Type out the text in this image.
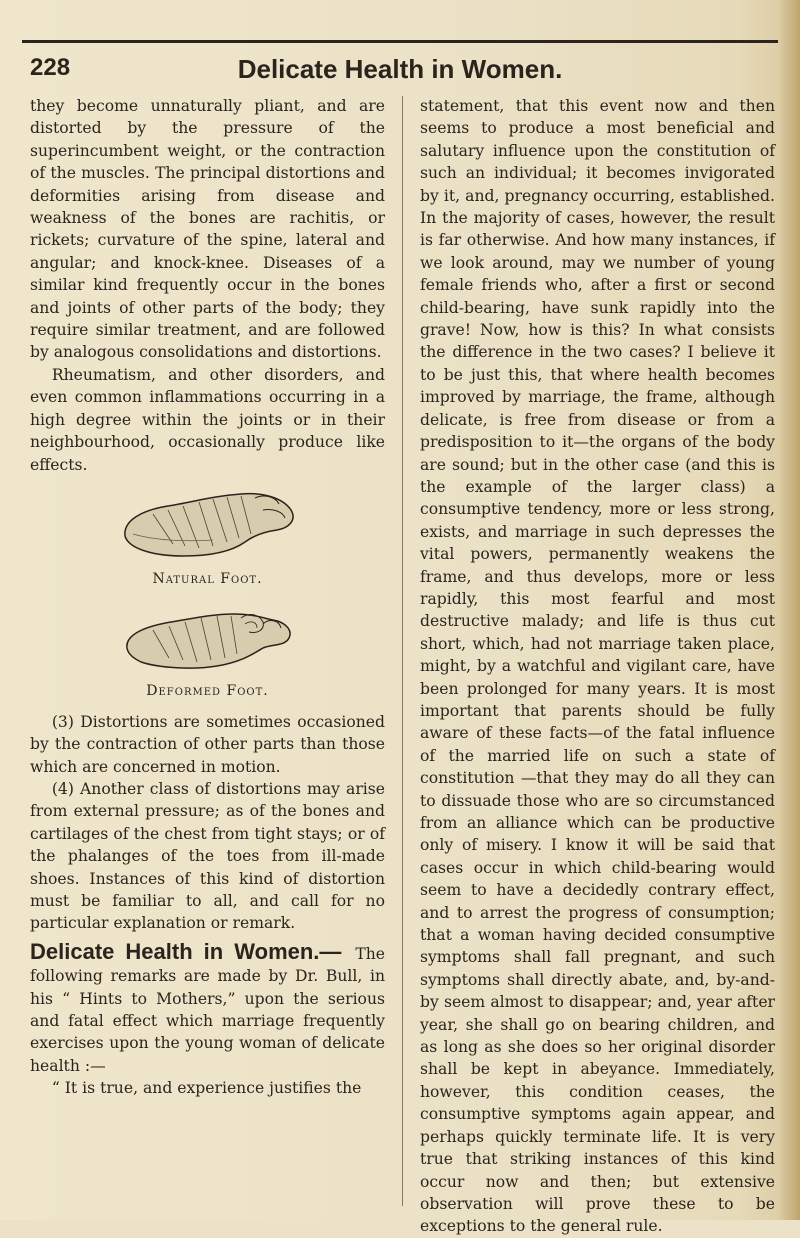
228	Delicate Health in Women.

they become unnaturally pliant, and are distorted by the pressure of the superincumbent weight, or the contraction of the muscles. The principal distortions and deformities arising from disease and weakness of the bones are rachitis, or rickets; curvature of the spine, lateral and angular; and knock-knee. Diseases of a similar kind frequently occur in the bones and joints of other parts of the body; they require similar treatment, and are followed by analogous consolidations and distortions.

Rheumatism, and other disorders, and even common inflammations occurring in a high degree within the joints or in their neighbourhood, occasionally produce like effects.

Natural Foot.
Deformed Foot.

(3) Distortions are sometimes occasioned by the contraction of other parts than those which are concerned in motion.

(4) Another class of distortions may arise from external pressure; as of the bones and cartilages of the chest from tight stays; or of the phalanges of the toes from ill-made shoes. Instances of this kind of distortion must be familiar to all, and call for no particular explanation or remark.

Delicate Health in Women.— The following remarks are made by Dr. Bull, in his “ Hints to Mothers,” upon the serious and fatal effect which marriage frequently exercises upon the young woman of delicate health :—

“ It is true, and experience justifies the

statement, that this event now and then seems to produce a most beneficial and salutary influence upon the constitution of such an individual; it becomes invigorated by it, and, pregnancy occurring, established. In the majority of cases, however, the result is far otherwise. And how many instances, if we look around, may we number of young female friends who, after a first or second child-bearing, have sunk rapidly into the grave! Now, how is this? In what consists the difference in the two cases? I believe it to be just this, that where health becomes improved by marriage, the frame, although delicate, is free from disease or from a predisposition to it—the organs of the body are sound; but in the other case (and this is the example of the larger class) a consumptive tendency, more or less strong, exists, and marriage in such depresses the vital powers, permanently weakens the frame, and thus develops, more or less rapidly, this most fearful and most destructive malady; and life is thus cut short, which, had not marriage taken place, might, by a watchful and vigilant care, have been prolonged for many years. It is most important that parents should be fully aware of these facts—of the fatal influence of the married life on such a state of constitution —that they may do all they can to dissuade those who are so circumstanced from an alliance which can be productive only of misery. I know it will be said that cases occur in which child-bearing would seem to have a decidedly contrary effect, and to arrest the progress of consumption; that a woman having decided consumptive symptoms shall fall pregnant, and such symptoms shall directly abate, and, by-and-by seem almost to disappear; and, year after year, she shall go on bearing children, and as long as she does so her original disorder shall be kept in abeyance. Immediately, however, this condition ceases, the consumptive symptoms again appear, and perhaps quickly terminate life. It is very true that striking instances of this kind occur now and then; but extensive observation will prove these to be exceptions to the general rule.
